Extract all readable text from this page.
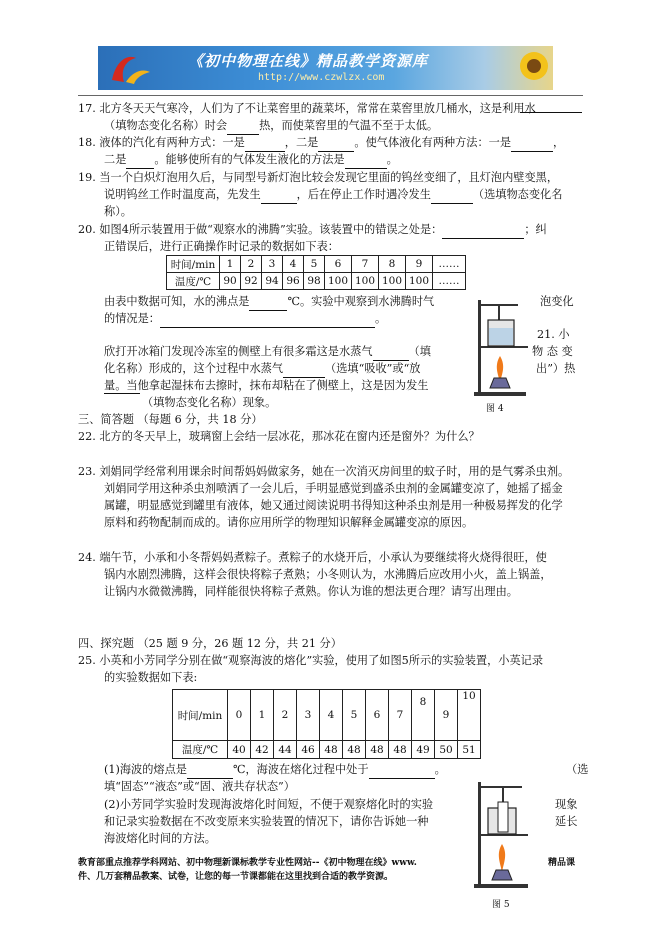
《初中物理在线》精品教学资源库
http://www.czwlzx.com
17. 北方冬天天气寒冷，人们为了不让菜窖里的蔬菜坏，常常在菜窖里放几桶水，这是利用水
（填物态变化名称）时会	热，而使菜窖里的气温不至于太低。
18. 液体的汽化有两种方式：一是	，二是	。使气体液化有两种方法：一是	，
二是	。能够使所有的气体发生液化的方法是	。
19. 当一个白炽灯泡用久后，与同型号新灯泡比较会发现它里面的钨丝变细了，且灯泡内壁变黑，
说明钨丝工作时温度高，先发生	，后在停止工作时遇冷发生	（选填物态变化名
称）。
20. 如图4所示装置用于做“观察水的沸腾”实验。该装置中的错误之处是：	；纠
正错误后，进行正确操作时记录的数据如下表：
时间/min	1	2	3	4	5	6	7	8	9	……
温度/℃	90	92	94	96	98	100	100	100	100	……
由表中数据可知，水的沸点是	℃。实验中观察到水沸腾时气	泡变化
的情况是：	。
21. 小
物 态 变
出”）热
欣打开冰箱门发现冷冻室的侧壁上有很多霜这是水蒸气	（填
化名称）形成的，这个过程中水蒸气	（选填“吸收”或“放
量。当他拿起湿抹布去擦时，抹布却粘在了侧壁上，这是因为发生
（填物态变化名称）现象。	图 4
三、简答题 （每题 6 分，共 18 分）
22. 北方的冬天早上，玻璃窗上会结一层冰花，那冰花在窗内还是窗外？为什么？
23. 刘娟同学经常利用课余时间帮妈妈做家务，她在一次消灭房间里的蚊子时，用的是气雾杀虫剂。
刘娟同学用这种杀虫剂喷洒了一会儿后，手明显感觉到盛杀虫剂的金属罐变凉了，她摇了摇金
属罐，明显感觉到罐里有液体，她又通过阅读说明书得知这种杀虫剂是用一种极易挥发的化学
原料和药物配制而成的。请你应用所学的物理知识解释金属罐变凉的原因。
24. 端午节，小承和小冬帮妈妈煮粽子。煮粽子的水烧开后，小承认为要继续将火烧得很旺，使
锅内水剧烈沸腾，这样会很快将粽子煮熟；小冬则认为，水沸腾后应改用小火，盖上锅盖，
让锅内水微微沸腾，同样能很快将粽子煮熟。你认为谁的想法更合理？请写出理由。
四、探究题 （25 题 9 分，26 题 12 分，共 21 分）
25. 小英和小芳同学分别在做“观察海波的熔化”实验，使用了如图5所示的实验装置，小英记录
的实验数据如下表:
时间/min	0	1	2	3	4	5	6	7	8	9	10
温度/℃	40	42	44	46	48	48	48	48	49	50	51
(1)海波的熔点是	℃，海波在熔化过程中处于	。	（选
填“固态”“液态”或“固、液共存状态”）
(2)小芳同学实验时发现海波熔化时间短，不便于观察熔化时的实验	现象
和记录实验数据在不改变原来实验装置的情况下，请你告诉她一种	延长
海波熔化时间的方法。
教育部重点推荐学科网站、初中物理新课标教学专业性网站--《初中物理在线》www.	精品课
件、几万套精品教案、试卷，让您的每一节课都能在这里找到合适的教学资源。
图 5
